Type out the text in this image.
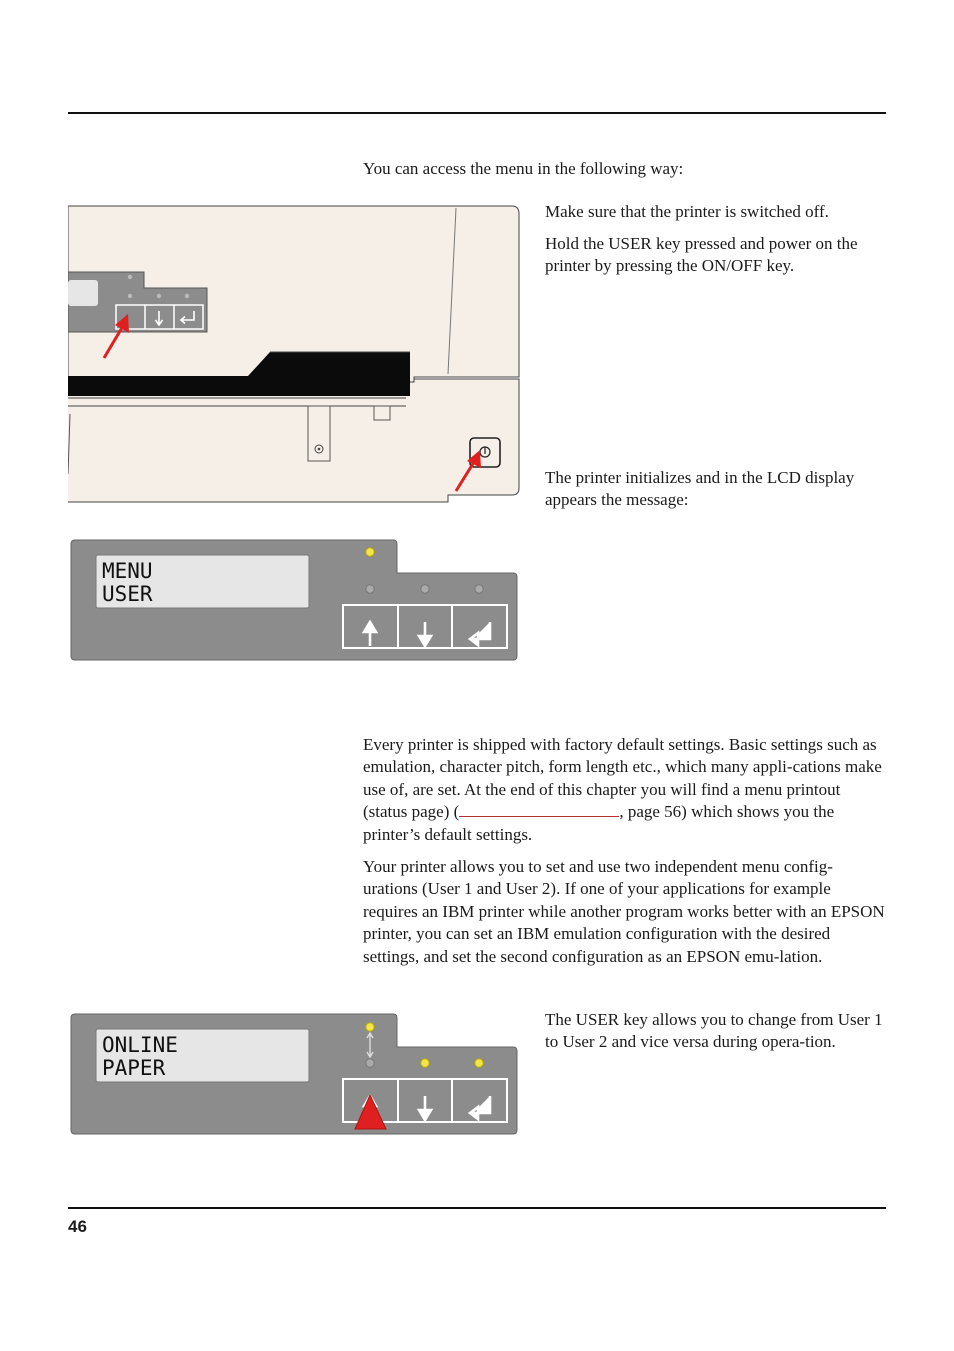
You can access the menu in the following way:

Make sure that the printer is switched off.

Hold the USER key pressed and power on the printer by pressing the ON/OFF key.

The printer initializes and in the LCD display appears the message:

MENU
USER

Every printer is shipped with factory default settings. Basic settings such as emulation, character pitch, form length etc., which many appli-cations make use of, are set. At the end of this chapter you will find a menu printout (status page) (	, page 56) which shows you the printer’s default settings.

Your printer allows you to set and use two independent menu config-urations (User 1 and User 2). If one of your applications for example requires an IBM printer while another program works better with an EPSON printer, you can set an IBM emulation configuration with the desired settings, and set the second configuration as an EPSON emu-lation.

ONLINE
PAPER

The USER key allows you to change from User 1 to User 2 and vice versa during opera-tion.

46
